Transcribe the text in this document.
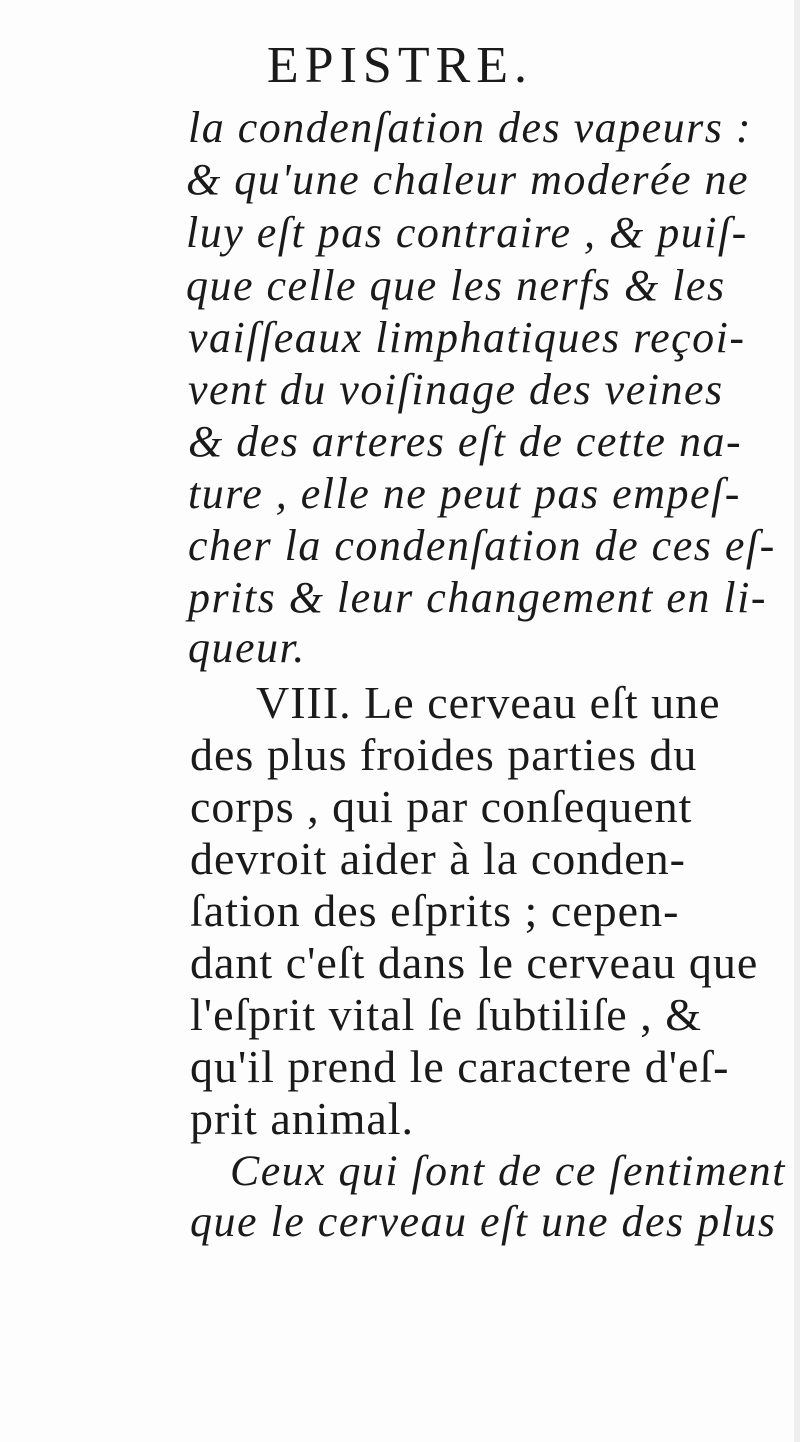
EPISTRE.
la condenſation des vapeurs :
& qu'une chaleur moderée ne
luy eſt pas contraire , & puiſ-
que celle que les nerfs & les
vaiſſeaux limphatiques reçoi-
vent du voiſinage des veines
& des arteres eſt de cette na-
ture , elle ne peut pas empeſ-
cher la condenſation de ces eſ-
prits & leur changement en li-
queur.
VIII. Le cerveau eſt une
des plus froides parties du
corps , qui par conſequent
devroit aider à la conden-
ſation des eſprits ; cepen-
dant c'eſt dans le cerveau que
l'eſprit vital ſe ſubtiliſe , &
qu'il prend le caractere d'eſ-
prit animal.
Ceux qui ſont de ce ſentiment
que le cerveau eſt une des plus
